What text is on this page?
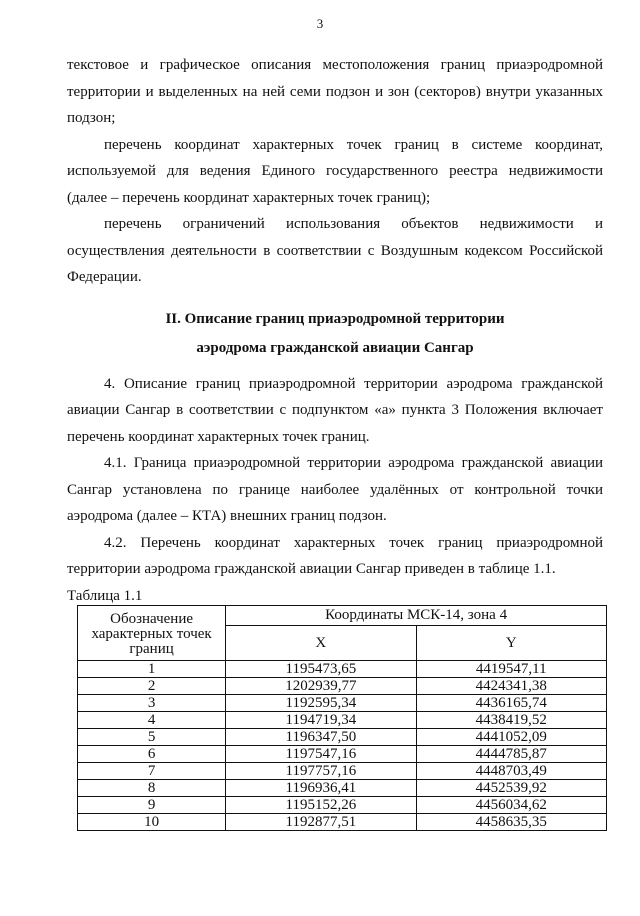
3

текстовое и графическое описания местоположения границ приаэродромной территории и выделенных на ней семи подзон и зон (секторов) внутри указанных подзон;

перечень координат характерных точек границ в системе координат, используемой для ведения Единого государственного реестра недвижимости (далее – перечень координат характерных точек границ);

перечень ограничений использования объектов недвижимости и осуществления деятельности в соответствии с Воздушным кодексом Российской Федерации.

II. Описание границ приаэродромной территории
аэродрома гражданской авиации Сангар

4. Описание границ приаэродромной территории аэродрома гражданской авиации Сангар в соответствии с подпунктом «а» пункта 3 Положения включает перечень координат характерных точек границ.

4.1. Граница приаэродромной территории аэродрома гражданской авиации Сангар установлена по границе наиболее удалённых от контрольной точки аэродрома (далее – КТА) внешних границ подзон.

4.2. Перечень координат характерных точек границ приаэродромной территории аэродрома гражданской авиации Сангар приведен в таблице 1.1.

Таблица 1.1

Обозначение характерных точек границ	Координаты МСК-14, зона 4	
	X	Y
1	1195473,65	4419547,11
2	1202939,77	4424341,38
3	1192595,34	4436165,74
4	1194719,34	4438419,52
5	1196347,50	4441052,09
6	1197547,16	4444785,87
7	1197757,16	4448703,49
8	1196936,41	4452539,92
9	1195152,26	4456034,62
10	1192877,51	4458635,35
